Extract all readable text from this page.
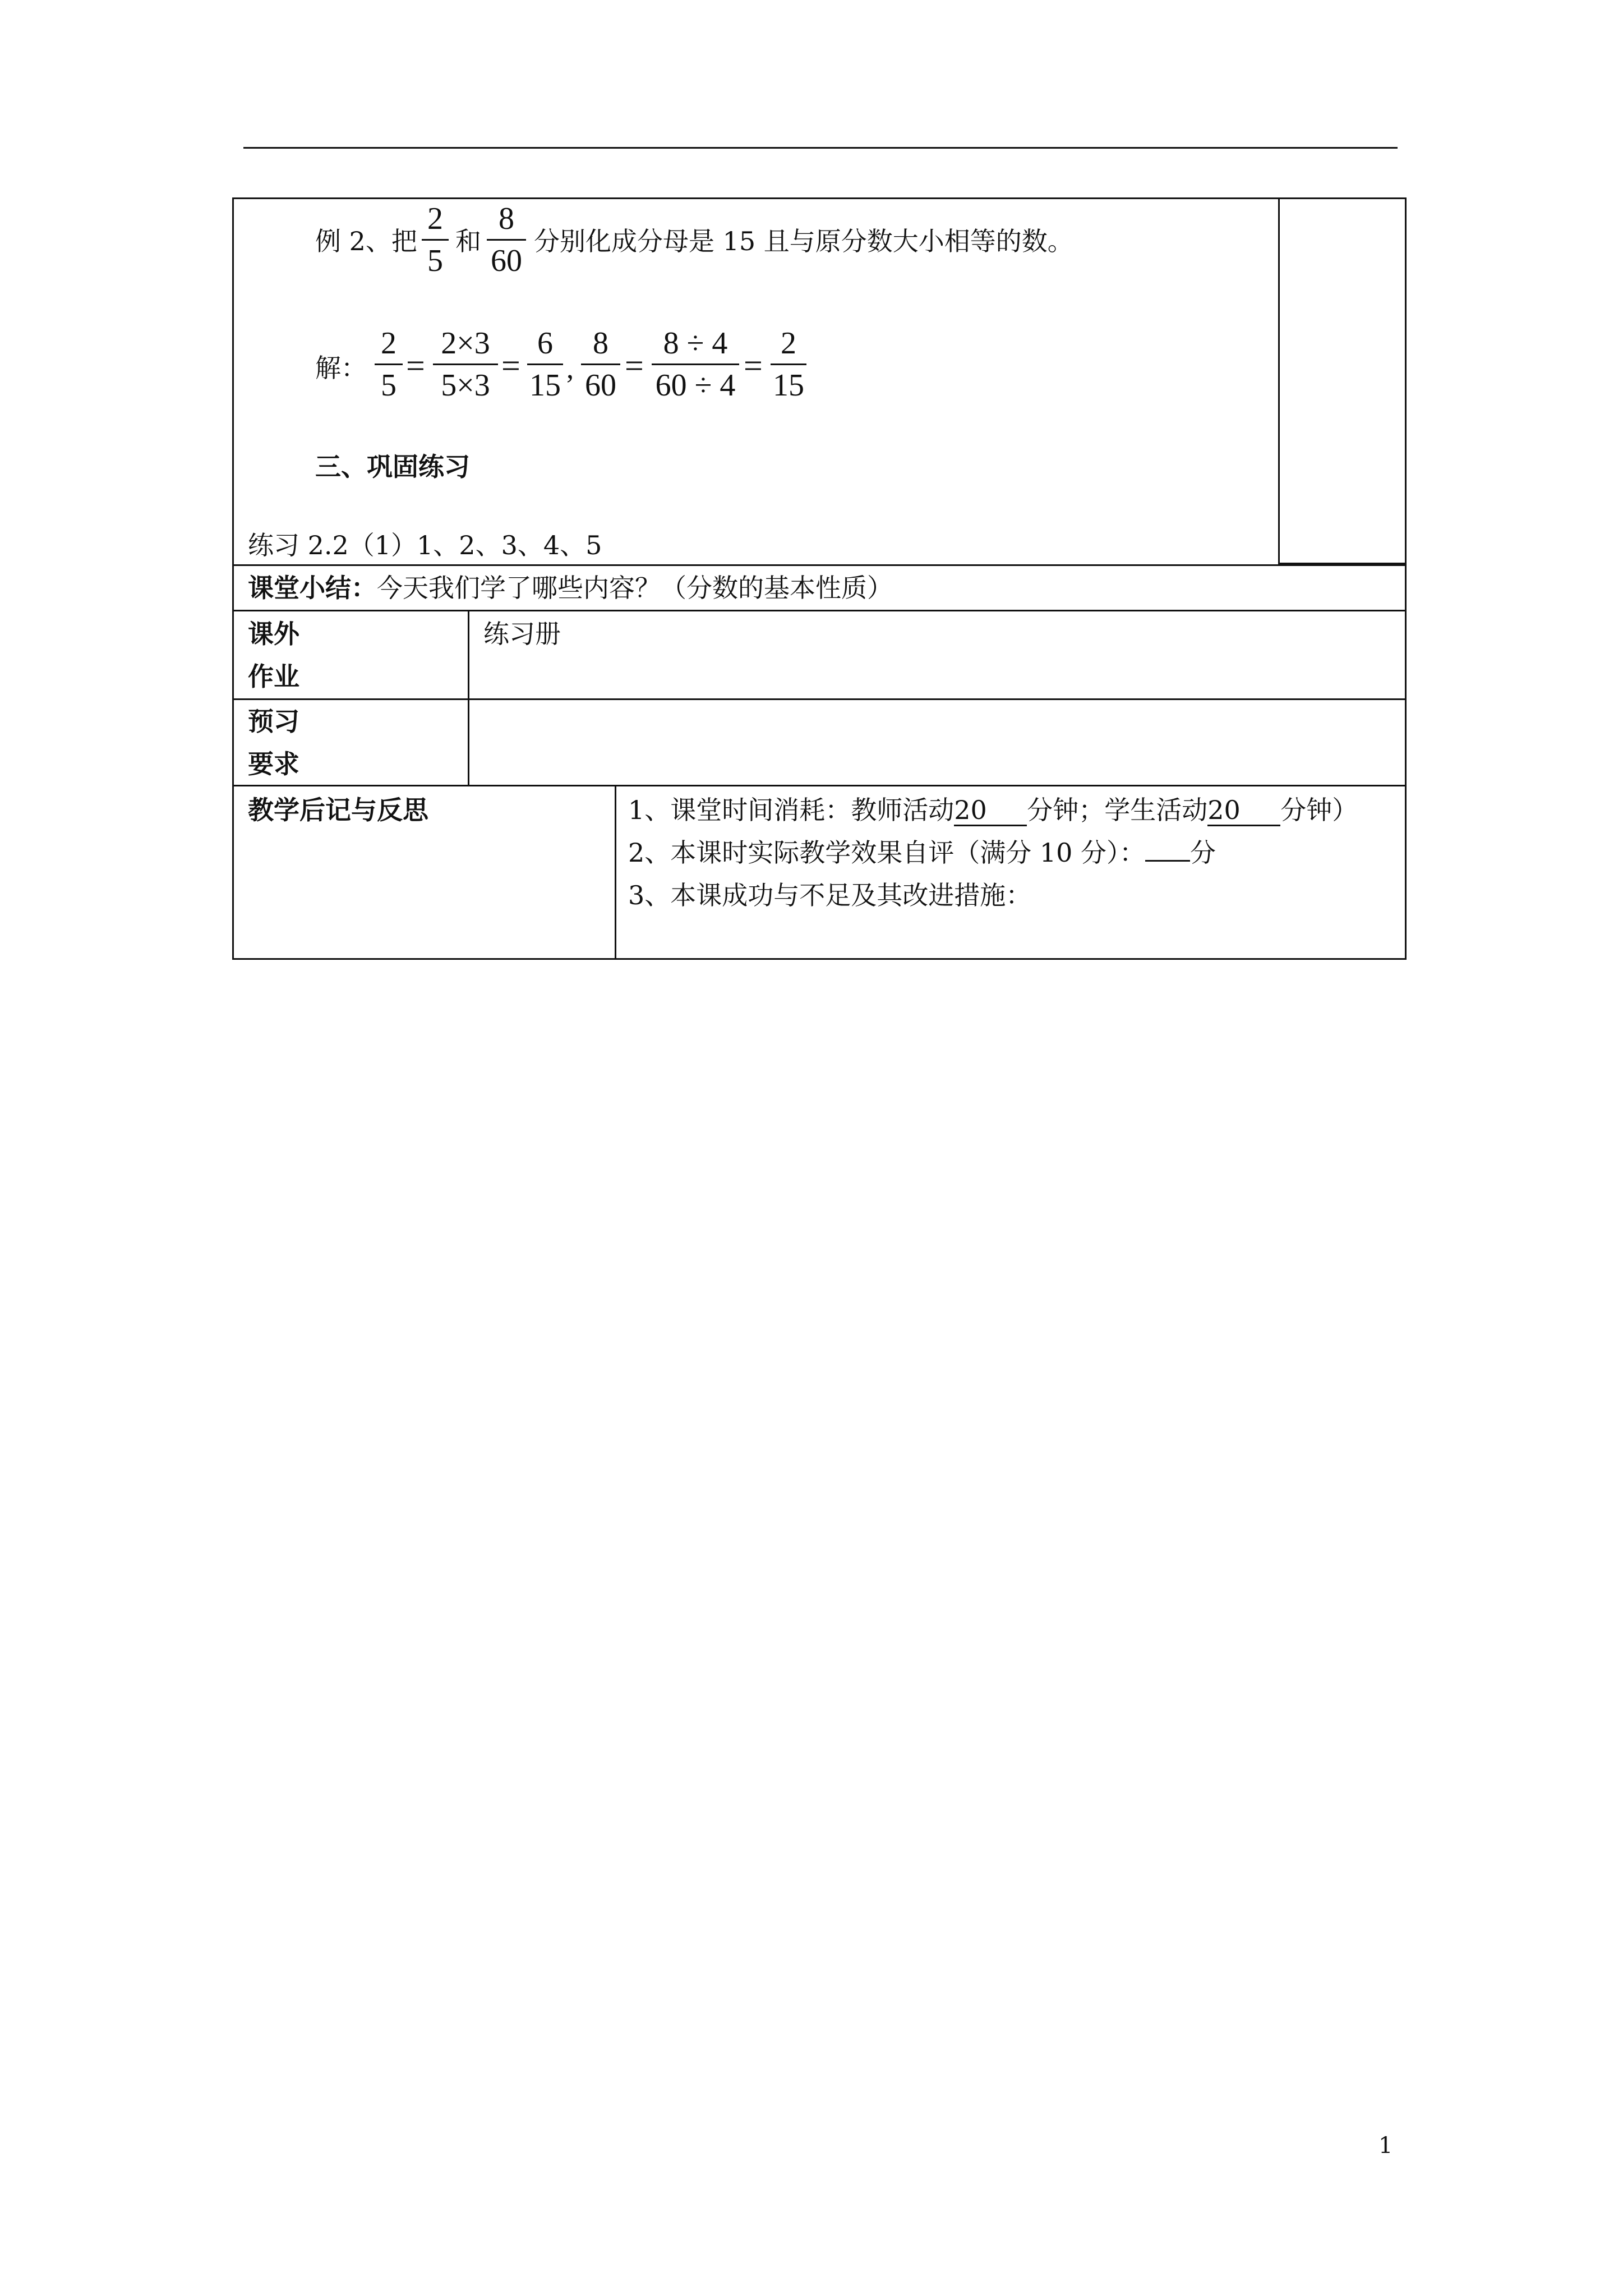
例 2、把
2
5
和
8
60
分别化成分母是 15 且与原分数大小相等的数。
解：
2
5
=
2×3
5×3
=
6
15 ,
8
60
=
8 ÷ 4
60 ÷ 4
=
2
15
三、巩固练习
练习 2.2（1）1、2、3、4、5
课堂小结： 今天我们学了哪些内容？（分数的基本性质）
课外
作业
练习册
预习
要求
教学后记与反思	1、课堂时间消耗：教师活动20 分钟；学生活动20 分钟）
2、本课时实际教学效果自评（满分 10 分）： 分
3、本课成功与不足及其改进措施：
1
